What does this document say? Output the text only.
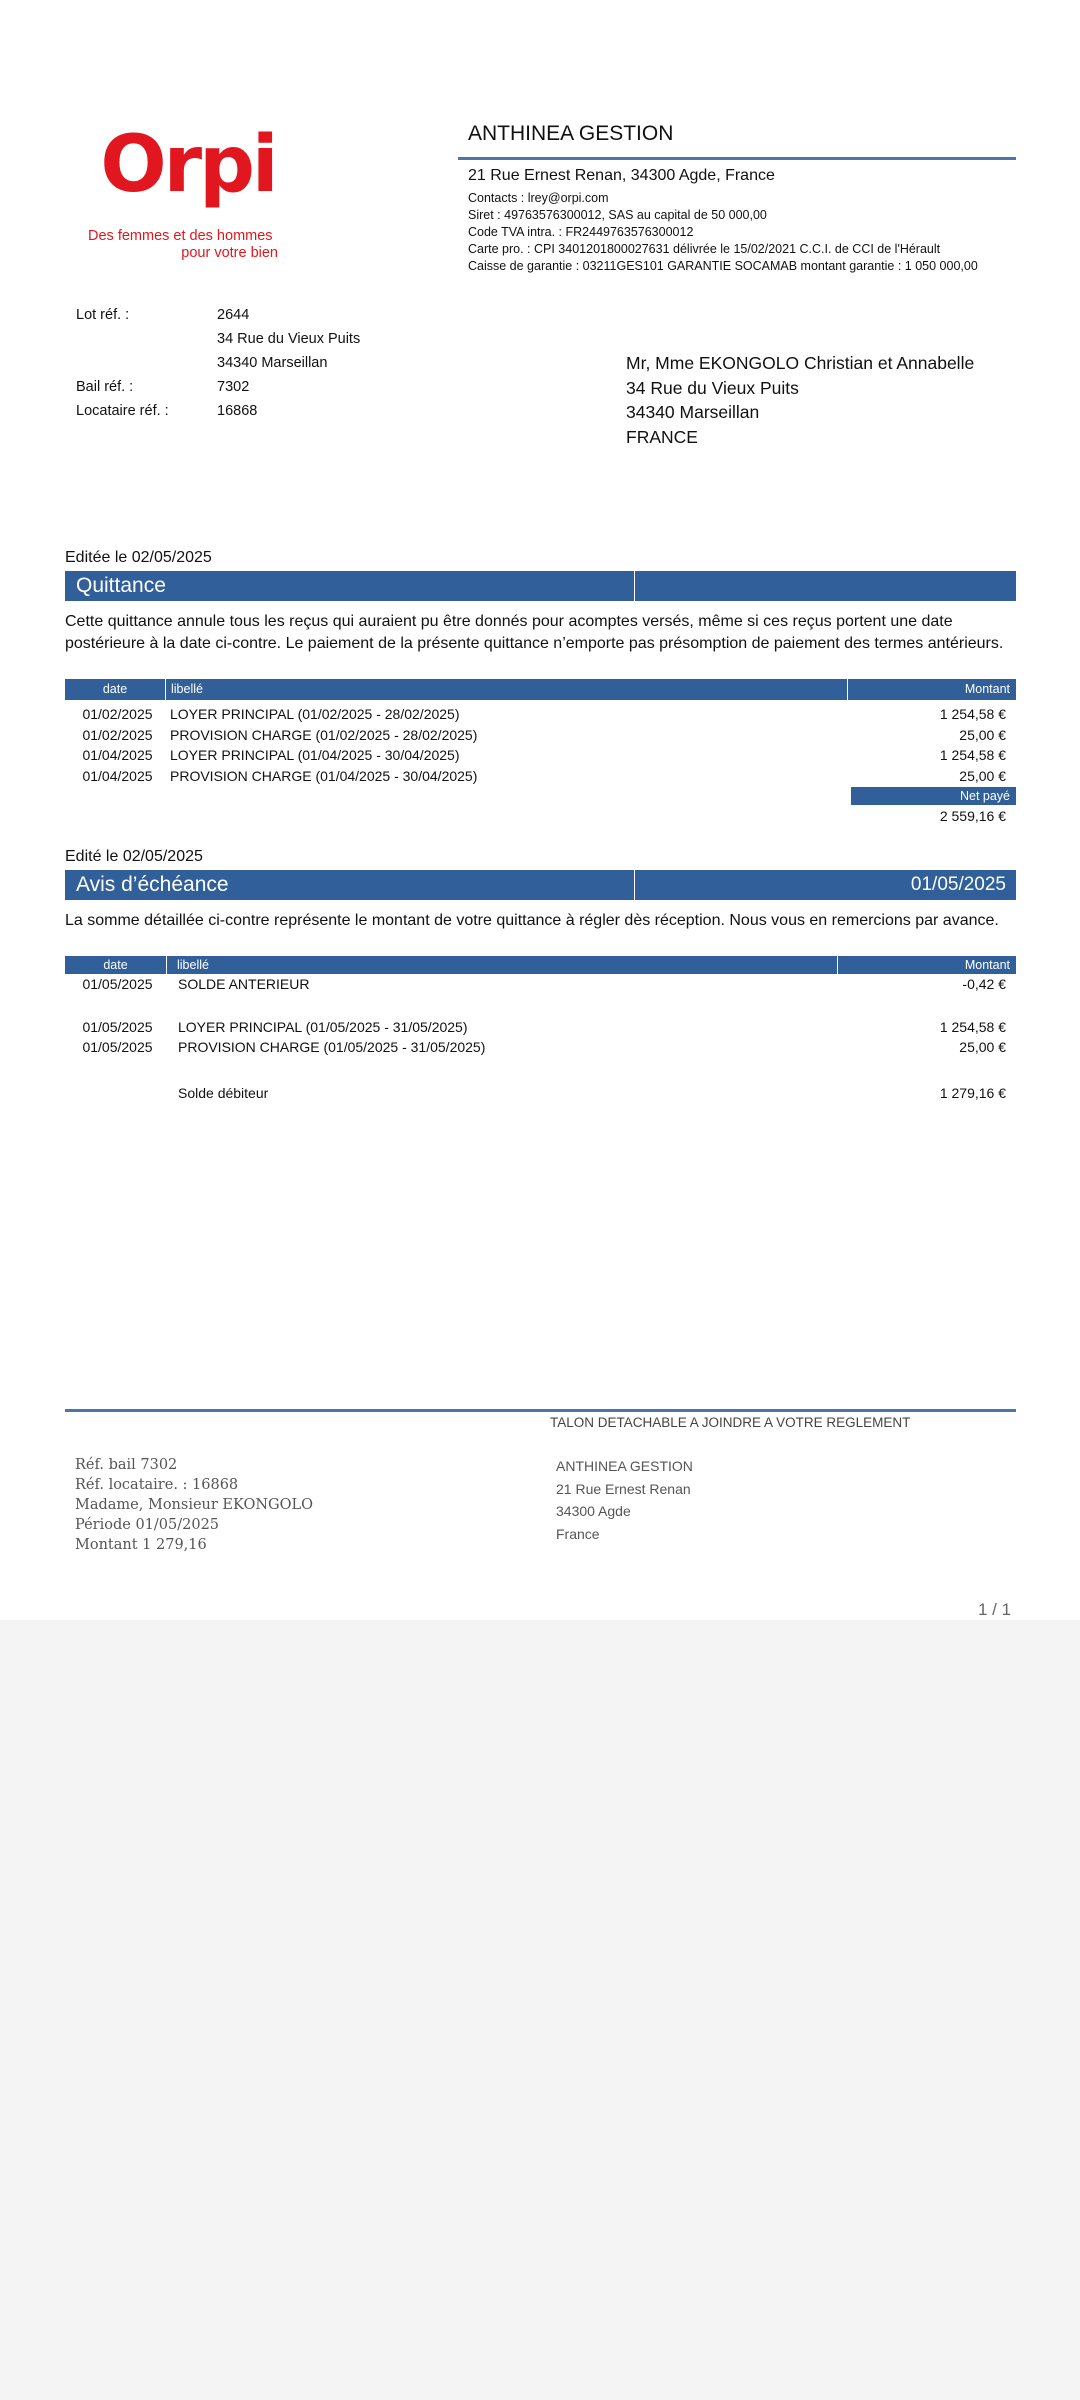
Orpi
Des femmes et des hommes
pour votre bien
ANTHINEA GESTION
21 Rue Ernest Renan, 34300 Agde, France
Contacts : lrey@orpi.com
Siret : 49763576300012, SAS au capital de 50 000,00
Code TVA intra. : FR2449763576300012
Carte pro. : CPI 3401201800027631 délivrée le 15/02/2021 C.C.I. de CCI de l'Hérault
Caisse de garantie : 03211GES101 GARANTIE SOCAMAB montant garantie : 1 050 000,00
Lot réf. :	2644
34 Rue du Vieux Puits
34340 Marseillan
Bail réf. :	7302
Locataire réf. :	16868
Mr, Mme EKONGOLO Christian et Annabelle
34 Rue du Vieux Puits
34340 Marseillan
FRANCE
Editée le 02/05/2025
Quittance
Cette quittance annule tous les reçus qui auraient pu être donnés pour acomptes versés, même si ces reçus portent une date postérieure à la date ci-contre. Le paiement de la présente quittance n’emporte pas présomption de paiement des termes antérieurs.
date	libellé	Montant
01/02/2025	LOYER PRINCIPAL (01/02/2025 - 28/02/2025)	1 254,58 €
01/02/2025	PROVISION CHARGE (01/02/2025 - 28/02/2025)	25,00 €
01/04/2025	LOYER PRINCIPAL (01/04/2025 - 30/04/2025)	1 254,58 €
01/04/2025	PROVISION CHARGE (01/04/2025 - 30/04/2025)	25,00 €
Net payé
2 559,16 €
Edité le 02/05/2025
Avis d’échéance	01/05/2025
La somme détaillée ci-contre représente le montant de votre quittance à régler dès réception. Nous vous en remercions par avance.
date	libellé	Montant
01/05/2025	SOLDE ANTERIEUR	-0,42 €
01/05/2025	LOYER PRINCIPAL (01/05/2025 - 31/05/2025)	1 254,58 €
01/05/2025	PROVISION CHARGE (01/05/2025 - 31/05/2025)	25,00 €
Solde débiteur	1 279,16 €
TALON DETACHABLE A JOINDRE A VOTRE REGLEMENT
Réf. bail 7302
Réf. locataire. : 16868
Madame, Monsieur EKONGOLO
Période 01/05/2025
Montant 1 279,16
ANTHINEA GESTION
21 Rue Ernest Renan
34300 Agde
France
1 / 1
